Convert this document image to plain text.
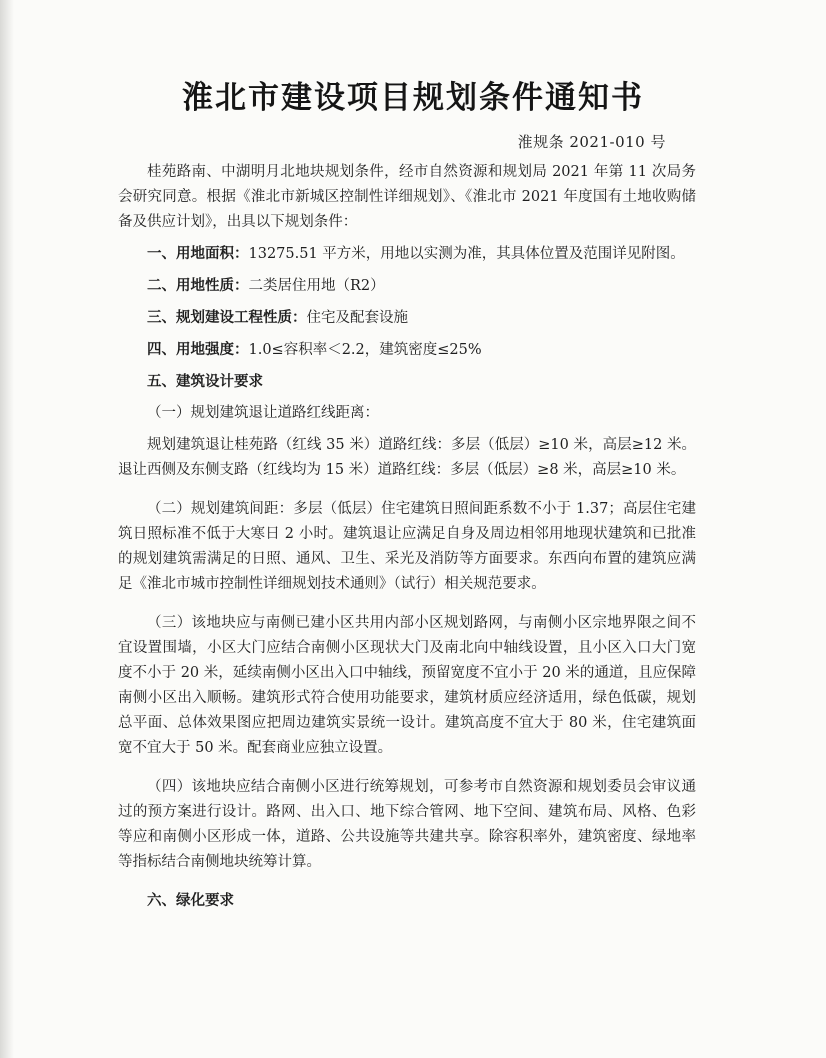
淮北市建设项目规划条件通知书
淮规条 2021-010 号

桂苑路南、中湖明月北地块规划条件，经市自然资源和规划局 2021 年第 11 次局务会研究同意。根据《淮北市新城区控制性详细规划》、《淮北市 2021 年度国有土地收购储备及供应计划》，出具以下规划条件：

一、用地面积：13275.51 平方米，用地以实测为准，其具体位置及范围详见附图。

二、用地性质：二类居住用地（R2）

三、规划建设工程性质：住宅及配套设施

四、用地强度：1.0≤容积率＜2.2，建筑密度≤25%

五、建筑设计要求

（一）规划建筑退让道路红线距离：

规划建筑退让桂苑路（红线 35 米）道路红线：多层（低层）≥10 米，高层≥12 米。退让西侧及东侧支路（红线均为 15 米）道路红线：多层（低层）≥8 米，高层≥10 米。

（二）规划建筑间距：多层（低层）住宅建筑日照间距系数不小于 1.37；高层住宅建筑日照标准不低于大寒日 2 小时。建筑退让应满足自身及周边相邻用地现状建筑和已批准的规划建筑需满足的日照、通风、卫生、采光及消防等方面要求。东西向布置的建筑应满足《淮北市城市控制性详细规划技术通则》（试行）相关规范要求。

（三）该地块应与南侧已建小区共用内部小区规划路网，与南侧小区宗地界限之间不宜设置围墙，小区大门应结合南侧小区现状大门及南北向中轴线设置，且小区入口大门宽度不小于 20 米，延续南侧小区出入口中轴线，预留宽度不宜小于 20 米的通道，且应保障南侧小区出入顺畅。建筑形式符合使用功能要求，建筑材质应经济适用，绿色低碳，规划总平面、总体效果图应把周边建筑实景统一设计。建筑高度不宜大于 80 米，住宅建筑面宽不宜大于 50 米。配套商业应独立设置。

（四）该地块应结合南侧小区进行统筹规划，可参考市自然资源和规划委员会审议通过的预方案进行设计。路网、出入口、地下综合管网、地下空间、建筑布局、风格、色彩等应和南侧小区形成一体，道路、公共设施等共建共享。除容积率外，建筑密度、绿地率等指标结合南侧地块统筹计算。

六、绿化要求
